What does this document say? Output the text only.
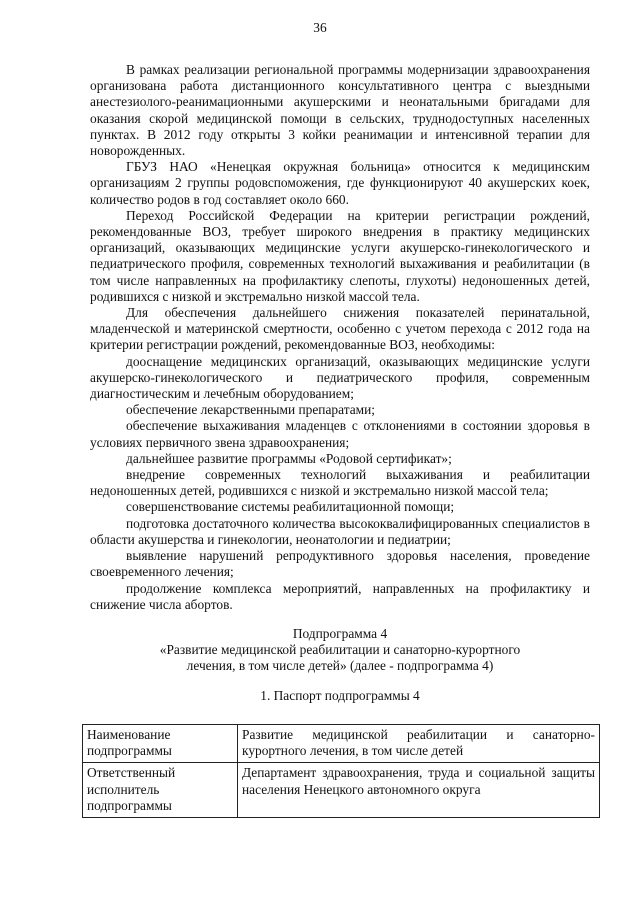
36

В рамках реализации региональной программы модернизации здравоохранения организована работа дистанционного консультативного центра с выездными анестезиолого-реанимационными акушерскими и неонатальными бригадами для оказания скорой медицинской помощи в сельских, труднодоступных населенных пунктах. В 2012 году открыты 3 койки реанимации и интенсивной терапии для новорожденных.

ГБУЗ НАО «Ненецкая окружная больница» относится к медицинским организациям 2 группы родовспоможения, где функционируют 40 акушерских коек, количество родов в год составляет около 660.

Переход Российской Федерации на критерии регистрации рождений, рекомендованные ВОЗ, требует широкого внедрения в практику медицинских организаций, оказывающих медицинские услуги акушерско-гинекологического и педиатрического профиля, современных технологий выхаживания и реабилитации (в том числе направленных на профилактику слепоты, глухоты) недоношенных детей, родившихся с низкой и экстремально низкой массой тела.

Для обеспечения дальнейшего снижения показателей перинатальной, младенческой и материнской смертности, особенно с учетом перехода с 2012 года на критерии регистрации рождений, рекомендованные ВОЗ, необходимы:

дооснащение медицинских организаций, оказывающих медицинские услуги акушерско-гинекологического и педиатрического профиля, современным диагностическим и лечебным оборудованием;

обеспечение лекарственными препаратами;

обеспечение выхаживания младенцев с отклонениями в состоянии здоровья в условиях первичного звена здравоохранения;

дальнейшее развитие программы «Родовой сертификат»;

внедрение современных технологий выхаживания и реабилитации недоношенных детей, родившихся с низкой и экстремально низкой массой тела;

совершенствование системы реабилитационной помощи;

подготовка достаточного количества высококвалифицированных специалистов в области акушерства и гинекологии, неонатологии и педиатрии;

выявление нарушений репродуктивного здоровья населения, проведение своевременного лечения;

продолжение комплекса мероприятий, направленных на профилактику и снижение числа абортов.

Подпрограмма 4
«Развитие медицинской реабилитации и санаторно-курортного
лечения, в том числе детей» (далее - подпрограмма 4)
1. Паспорт подпрограммы 4
Наименование подпрограммы	Развитие медицинской реабилитации и санаторно-курортного лечения, в том числе детей
Ответственный исполнитель подпрограммы	Департамент здравоохранения, труда и социальной защиты населения Ненецкого автономного округа
